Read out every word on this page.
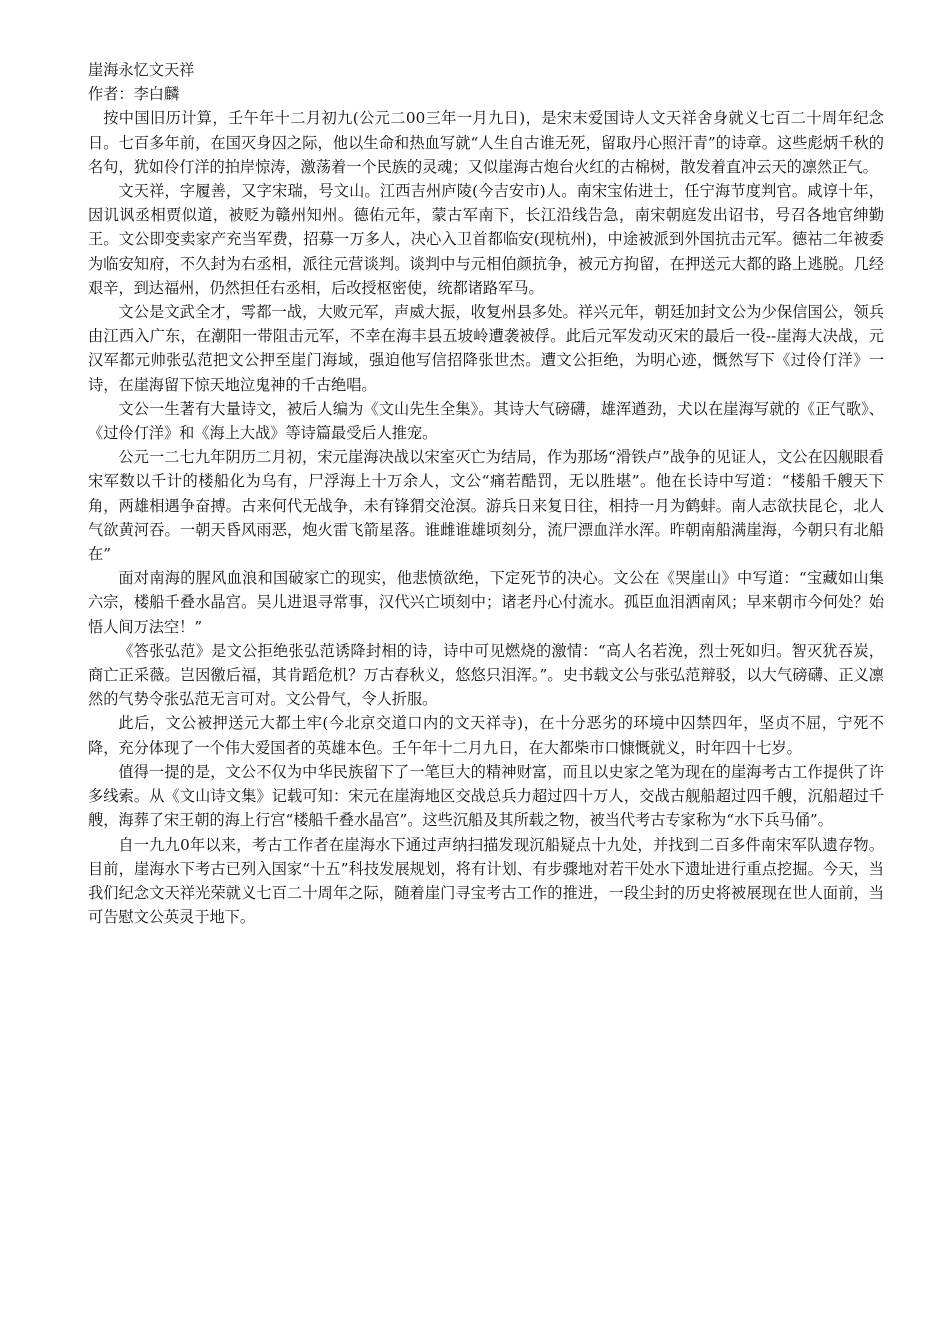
崖海永忆文天祥

作者：李白麟

按中国旧历计算，壬午年十二月初九(公元二00三年一月九日)，是宋末爱国诗人文天祥舍身就义七百二十周年纪念日。七百多年前，在国灭身囚之际，他以生命和热血写就“人生自古谁无死，留取丹心照汗青”的诗章。这些彪炳千秋的名句，犹如伶仃洋的拍岸惊涛，激荡着一个民族的灵魂；又似崖海古炮台火红的古棉树，散发着直冲云天的凛然正气。

文天祥，字履善，又字宋瑞，号文山。江西吉州庐陵(今吉安市)人。南宋宝佑进士，任宁海节度判官。咸谆十年，因讥讽丞相贾似道，被贬为赣州知州。德佑元年，蒙古军南下，长江沿线告急，南宋朝庭发出诏书，号召各地官绅勤王。文公即变卖家产充当军费，招募一万多人，决心入卫首都临安(现杭州)，中途被派到外国抗击元军。德祜二年被委为临安知府，不久封为右丞相，派往元营谈判。谈判中与元相伯颜抗争，被元方拘留，在押送元大都的路上逃脱。几经艰辛，到达福州，仍然担任右丞相，后改授枢密使，统都诸路军马。

文公是文武全才，雩都一战，大败元军，声威大振，收复州县多处。祥兴元年，朝廷加封文公为少保信国公，领兵由江西入广东，在潮阳一带阻击元军，不幸在海丰县五坡岭遭袭被俘。此后元军发动灭宋的最后一役--崖海大决战，元汉军都元帅张弘范把文公押至崖门海域，强迫他写信招降张世杰。遭文公拒绝，为明心迹，慨然写下《过伶仃洋》一诗，在崖海留下惊天地泣鬼神的千古绝唱。

文公一生著有大量诗文，被后人编为《文山先生全集》。其诗大气磅礴，雄浑遒劲，犬以在崖海写就的《正气歌》、《过伶仃洋》和《海上大战》等诗篇最受后人推宠。

公元一二七九年阴历二月初，宋元崖海决战以宋室灭亡为结局，作为那场“滑铁卢”战争的见证人，文公在囚舰眼看宋军数以千计的楼船化为乌有，尸浮海上十万余人，文公“痛若酷罚，无以胜堪”。他在长诗中写道：“楼船千艘天下角，两雄相遇争奋搏。古来何代无战争，未有锋猬交沧溟。游兵日来复日往，相持一月为鹤蚌。南人志欲扶昆仑，北人气欲黄河吞。一朝天昏风雨恶，炮火雷飞箭星落。谁雌谁雄顷刻分，流尸漂血洋水浑。昨朝南船满崖海，今朝只有北船在”

面对南海的腥风血浪和国破家亡的现实，他悲愤欲绝，下定死节的决心。文公在《哭崖山》中写道：“宝藏如山集六宗，楼船千叠水晶宫。吴儿进退寻常事，汉代兴亡顷刻中；诸老丹心付流水。孤臣血泪洒南风；早来朝市今何处？始悟人间万法空！”

《答张弘范》是文公拒绝张弘范诱降封相的诗，诗中可见燃烧的激情：“高人名若浼，烈士死如归。智灭犹吞炭，商亡正采薇。岂因徼后福，其肯蹈危机？万古春秋义，悠悠只泪浑。”。史书载文公与张弘范辩驳，以大气磅礴、正义凛然的气势令张弘范无言可对。文公骨气，令人折服。

此后，文公被押送元大都土牢(今北京交道口内的文天祥寺)，在十分恶劣的环境中囚禁四年，坚贞不屈，宁死不降，充分体现了一个伟大爱国者的英雄本色。壬午年十二月九日，在大都柴市口慷慨就义，时年四十七岁。

值得一提的是，文公不仅为中华民族留下了一笔巨大的精神财富，而且以史家之笔为现在的崖海考古工作提供了许多线索。从《文山诗文集》记载可知：宋元在崖海地区交战总兵力超过四十万人，交战古舰船超过四千艘，沉船超过千艘，海葬了宋王朝的海上行宫“楼船千叠水晶宫”。这些沉船及其所载之物，被当代考古专家称为“水下兵马俑”。

自一九九0年以来，考古工作者在崖海水下通过声纳扫描发现沉船疑点十九处，并找到二百多件南宋军队遗存物。目前，崖海水下考古已列入国家“十五”科技发展规划，将有计划、有步骤地对若干处水下遗址进行重点挖掘。今天，当我们纪念文天祥光荣就义七百二十周年之际，随着崖门寻宝考古工作的推进，一段尘封的历史将被展现在世人面前，当可告慰文公英灵于地下。
